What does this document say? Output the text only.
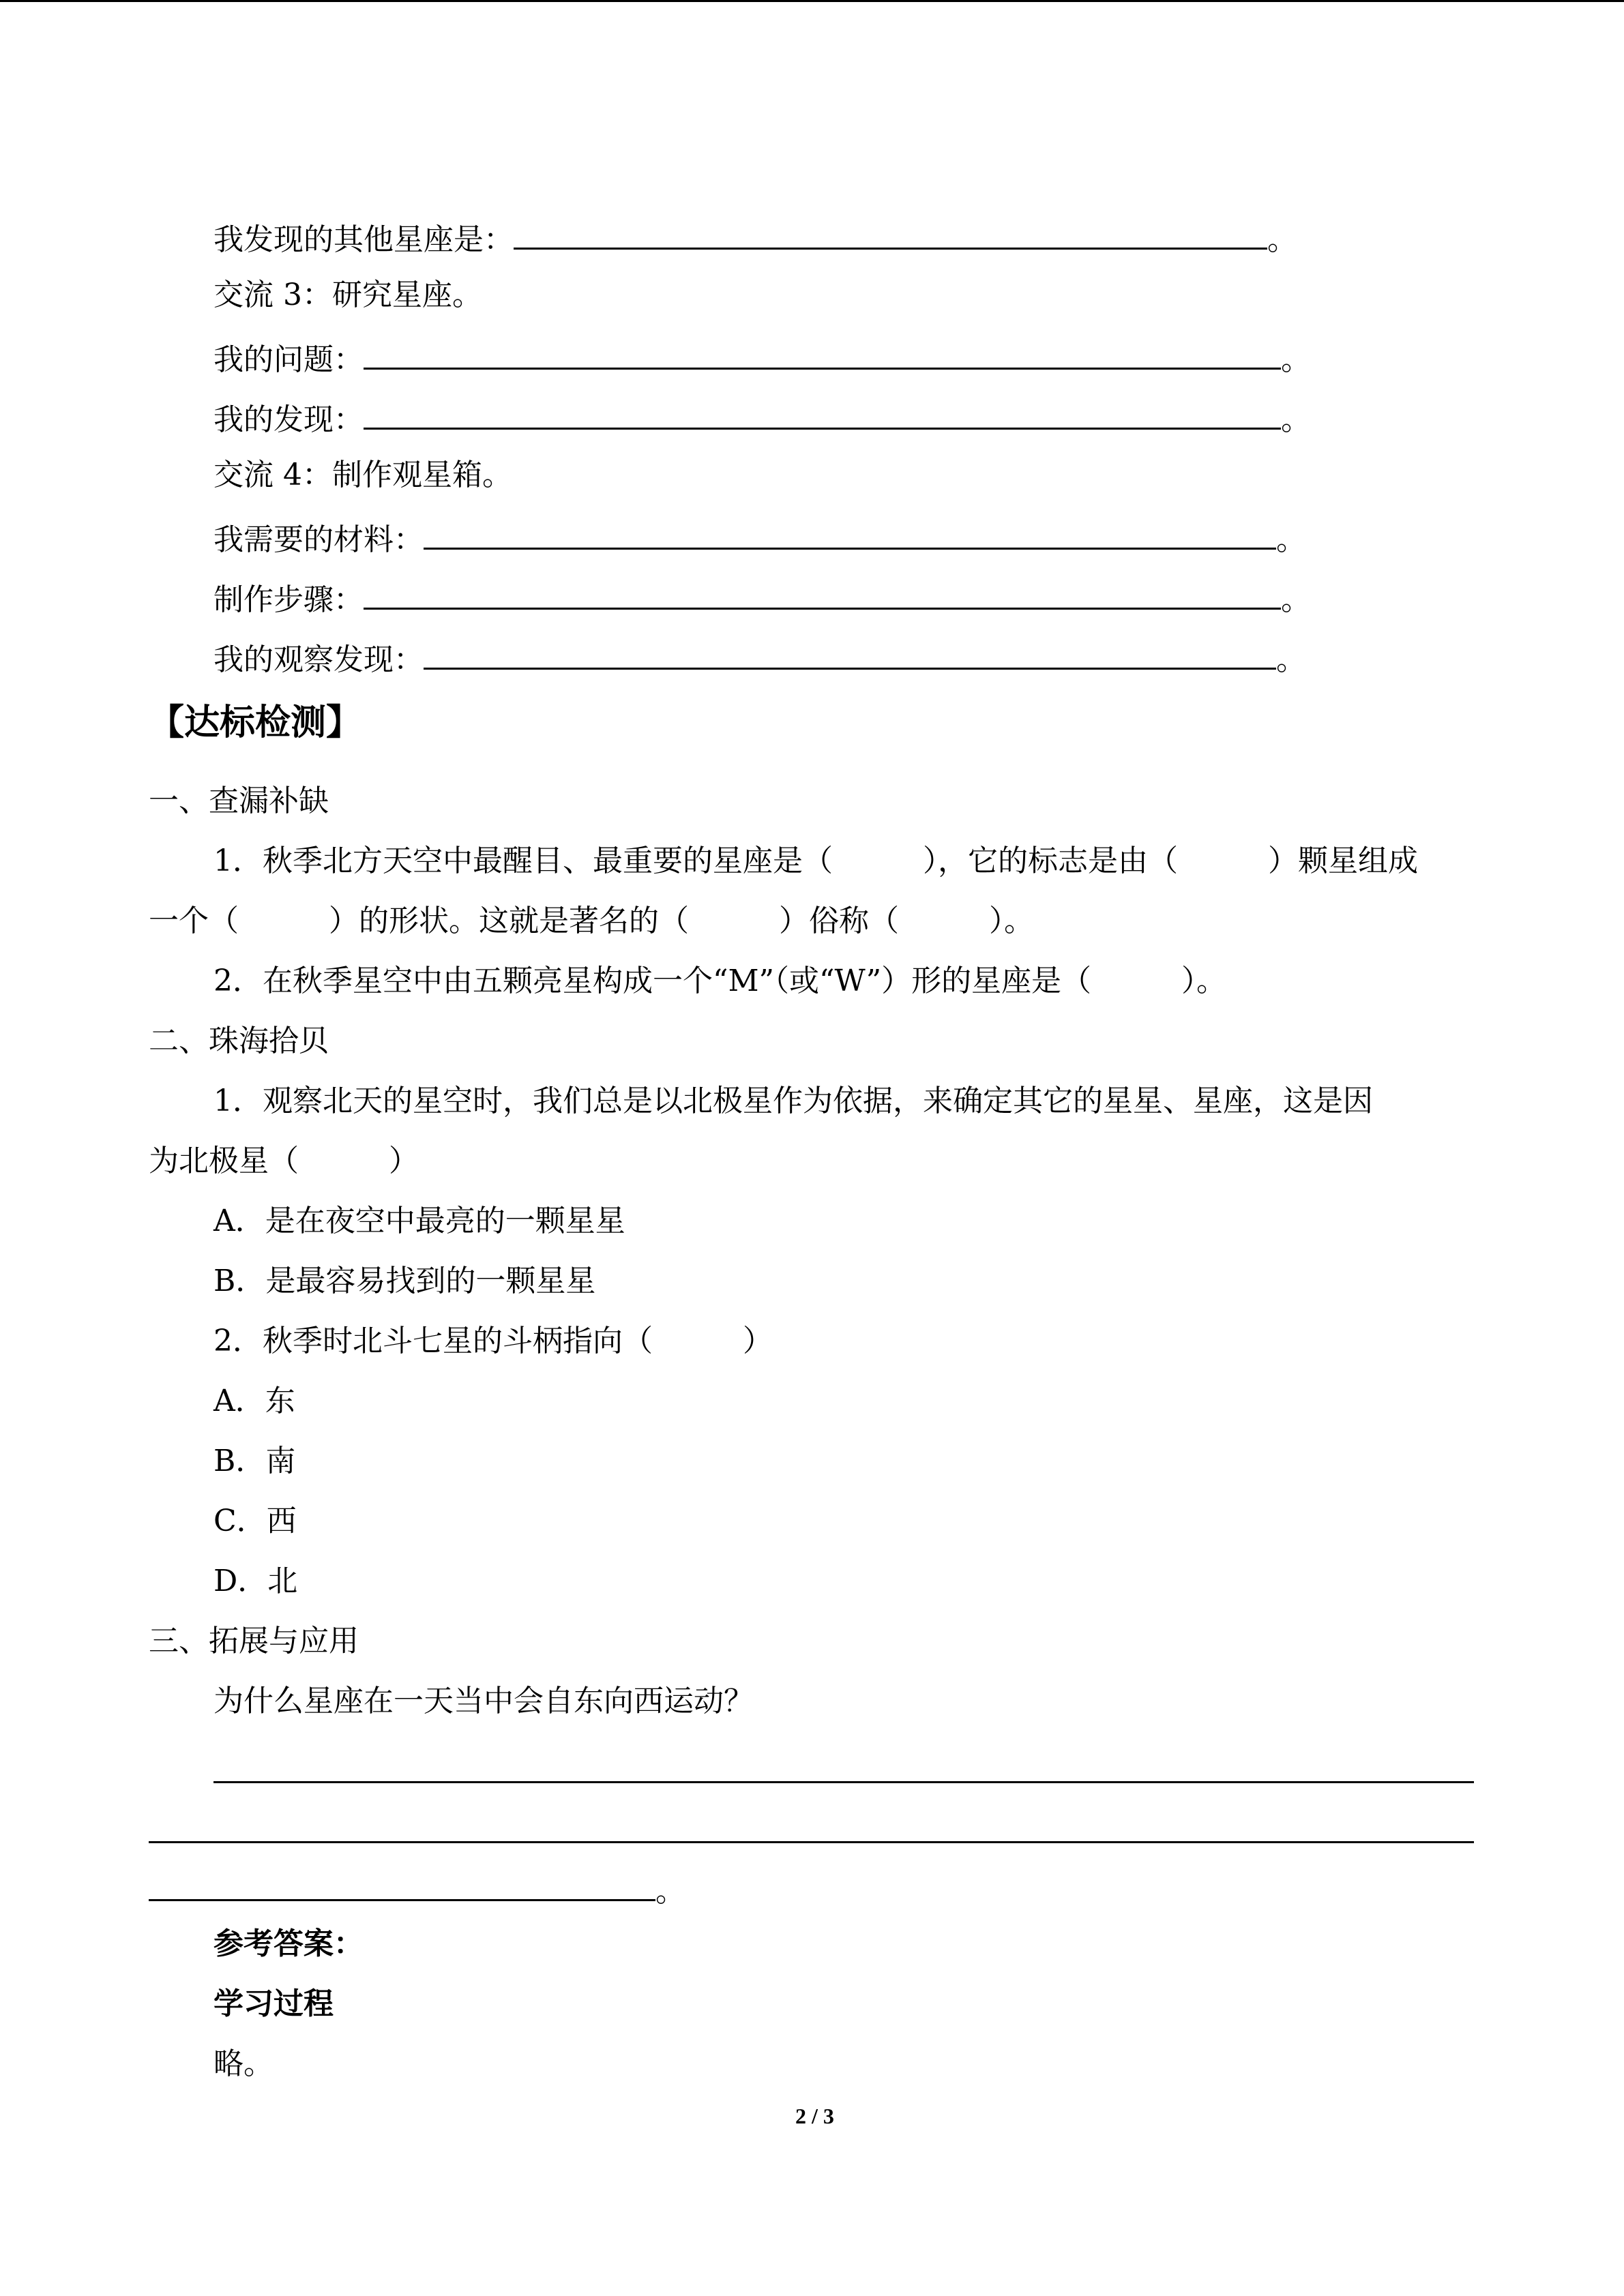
我发现的其他星座是：	。
交流 3：研究星座。
我的问题：	。
我的发现：	。
交流 4：制作观星箱。
我需要的材料：	。
制作步骤：	。
我的观察发现：	。
【达标检测】
一、查漏补缺
1．秋季北方天空中最醒目、最重要的星座是（　　　），它的标志是由（　　　）颗星组成
一个（　　　）的形状。这就是著名的（　　　）俗称（　　　）。
2．在秋季星空中由五颗亮星构成一个“M”（或“W”）形的星座是（　　　）。
二、珠海拾贝
1．观察北天的星空时，我们总是以北极星作为依据，来确定其它的星星、星座，这是因
为北极星（　　　）
A．是在夜空中最亮的一颗星星
B．是最容易找到的一颗星星
2．秋季时北斗七星的斗柄指向（　　　）
A．东
B．南
C．西
D．北
三、拓展与应用
为什么星座在一天当中会自东向西运动？
。
参考答案：
学习过程
略。
2 / 3
